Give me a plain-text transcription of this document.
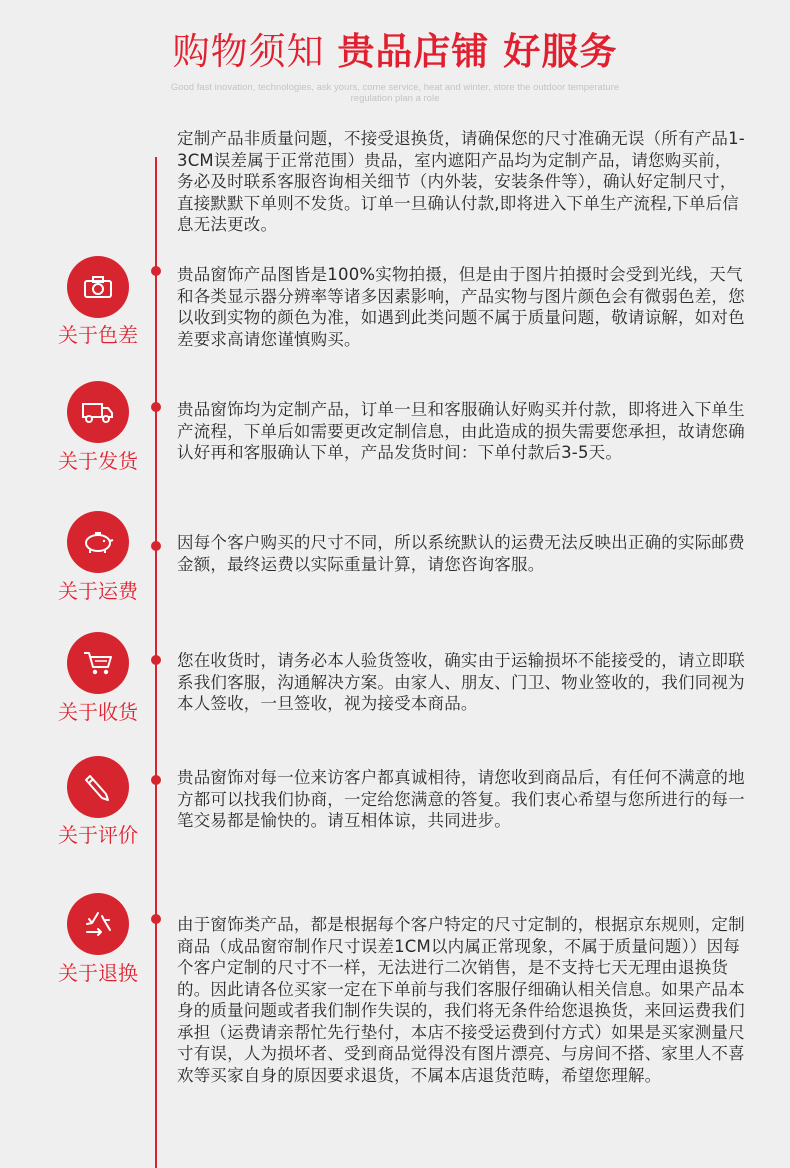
购物须知 贵品店铺 好服务
Good fast inovation, technologies, ask yours, come service, heat and winter, store the outdoor temperature regulation plan a role
定制产品非质量问题，不接受退换货，请确保您的尺寸准确无误（所有产品1-3CM误差属于正常范围）贵品，室内遮阳产品均为定制产品，请您购买前，务必及时联系客服咨询相关细节（内外装，安装条件等），确认好定制尺寸，直接默默下单则不发货。订单一旦确认付款,即将进入下单生产流程,下单后信息无法更改。
关于色差
贵品窗饰产品图皆是100%实物拍摄，但是由于图片拍摄时会受到光线，天气和各类显示器分辨率等诸多因素影响，产品实物与图片颜色会有微弱色差，您以收到实物的颜色为准，如遇到此类问题不属于质量问题，敬请谅解，如对色差要求高请您谨慎购买。
关于发货
贵品窗饰均为定制产品，订单一旦和客服确认好购买并付款，即将进入下单生产流程，下单后如需要更改定制信息，由此造成的损失需要您承担，故请您确认好再和客服确认下单，产品发货时间：下单付款后3-5天。
关于运费
因每个客户购买的尺寸不同，所以系统默认的运费无法反映出正确的实际邮费金额，最终运费以实际重量计算，请您咨询客服。
关于收货
您在收货时，请务必本人验货签收，确实由于运输损坏不能接受的，请立即联系我们客服，沟通解决方案。由家人、朋友、门卫、物业签收的，我们同视为本人签收，一旦签收，视为接受本商品。
关于评价
贵品窗饰对每一位来访客户都真诚相待，请您收到商品后，有任何不满意的地方都可以找我们协商，一定给您满意的答复。我们衷心希望与您所进行的每一笔交易都是愉快的。请互相体谅，共同进步。
关于退换
由于窗饰类产品，都是根据每个客户特定的尺寸定制的，根据京东规则，定制商品（成品窗帘制作尺寸误差1CM以内属正常现象，不属于质量问题））因每个客户定制的尺寸不一样，无法进行二次销售，是不支持七天无理由退换货的。因此请各位买家一定在下单前与我们客服仔细确认相关信息。如果产品本身的质量问题或者我们制作失误的，我们将无条件给您退换货，来回运费我们承担（运费请亲帮忙先行垫付，本店不接受运费到付方式）如果是买家测量尺寸有误，人为损坏者、受到商品觉得没有图片漂亮、与房间不搭、家里人不喜欢等买家自身的原因要求退货，不属本店退货范畴，希望您理解。
